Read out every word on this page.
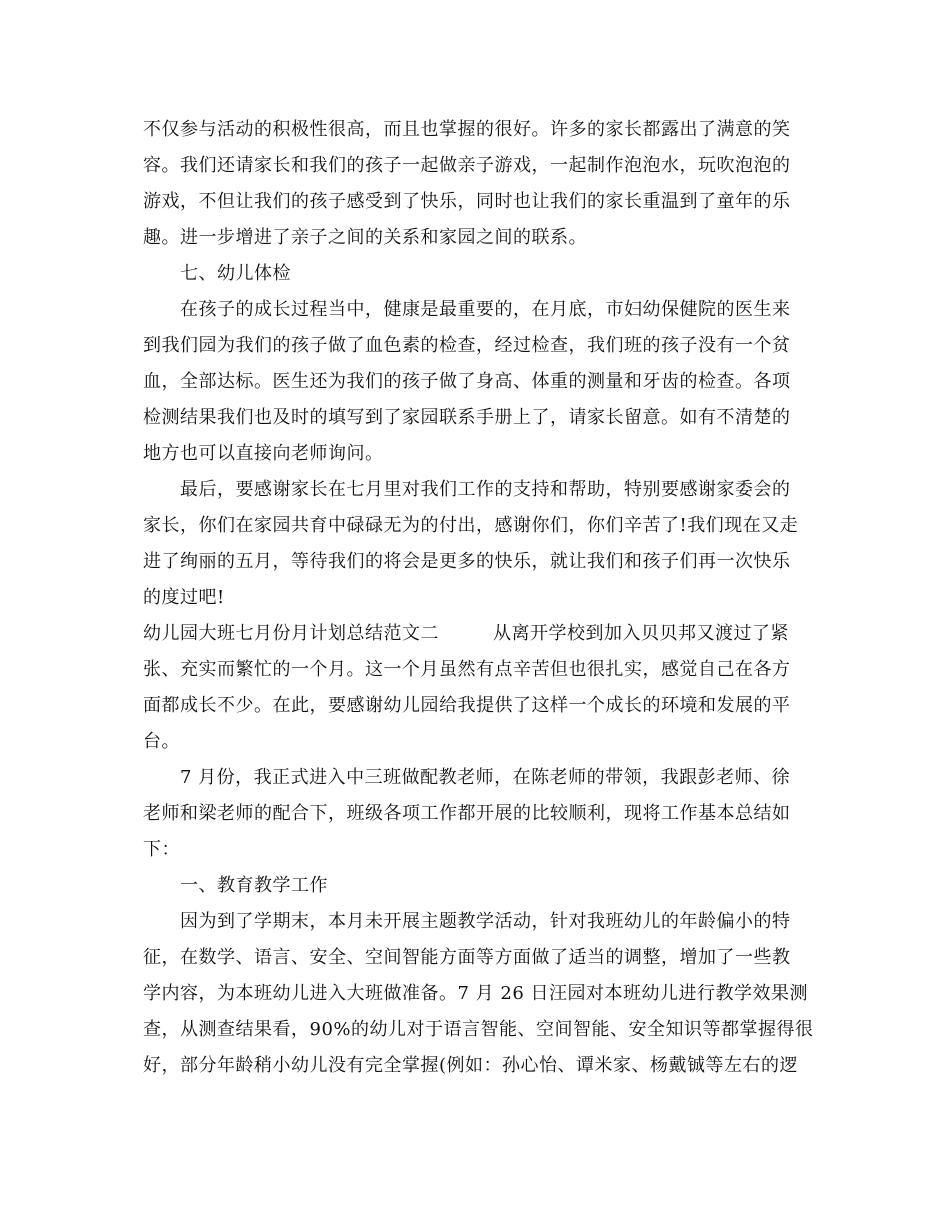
不仅参与活动的积极性很高，而且也掌握的很好。许多的家长都露出了满意的笑
容。我们还请家长和我们的孩子一起做亲子游戏，一起制作泡泡水，玩吹泡泡的
游戏，不但让我们的孩子感受到了快乐，同时也让我们的家长重温到了童年的乐
趣。进一步增进了亲子之间的关系和家园之间的联系。
七、幼儿体检
在孩子的成长过程当中，健康是最重要的，在月底，市妇幼保健院的医生来
到我们园为我们的孩子做了血色素的检查，经过检查，我们班的孩子没有一个贫
血，全部达标。医生还为我们的孩子做了身高、体重的测量和牙齿的检查。各项
检测结果我们也及时的填写到了家园联系手册上了，请家长留意。如有不清楚的
地方也可以直接向老师询问。
最后，要感谢家长在七月里对我们工作的支持和帮助，特别要感谢家委会的
家长，你们在家园共育中碌碌无为的付出，感谢你们，你们辛苦了!我们现在又走
进了绚丽的五月，等待我们的将会是更多的快乐，就让我们和孩子们再一次快乐
的度过吧!
幼儿园大班七月份月计划总结范文二	从离开学校到加入贝贝邦又渡过了紧
张、充实而繁忙的一个月。这一个月虽然有点辛苦但也很扎实，感觉自己在各方
面都成长不少。在此，要感谢幼儿园给我提供了这样一个成长的环境和发展的平
台。
7 月份，我正式进入中三班做配教老师，在陈老师的带领，我跟彭老师、徐
老师和梁老师的配合下，班级各项工作都开展的比较顺利，现将工作基本总结如
下：
一、教育教学工作
因为到了学期末，本月未开展主题教学活动，针对我班幼儿的年龄偏小的特
征，在数学、语言、安全、空间智能方面等方面做了适当的调整，增加了一些教
学内容，为本班幼儿进入大班做准备。7 月 26 日汪园对本班幼儿进行教学效果测
查，从测查结果看，90%的幼儿对于语言智能、空间智能、安全知识等都掌握得很
好，部分年龄稍小幼儿没有完全掌握(例如：孙心怡、谭米家、杨戴铖等左右的逻
